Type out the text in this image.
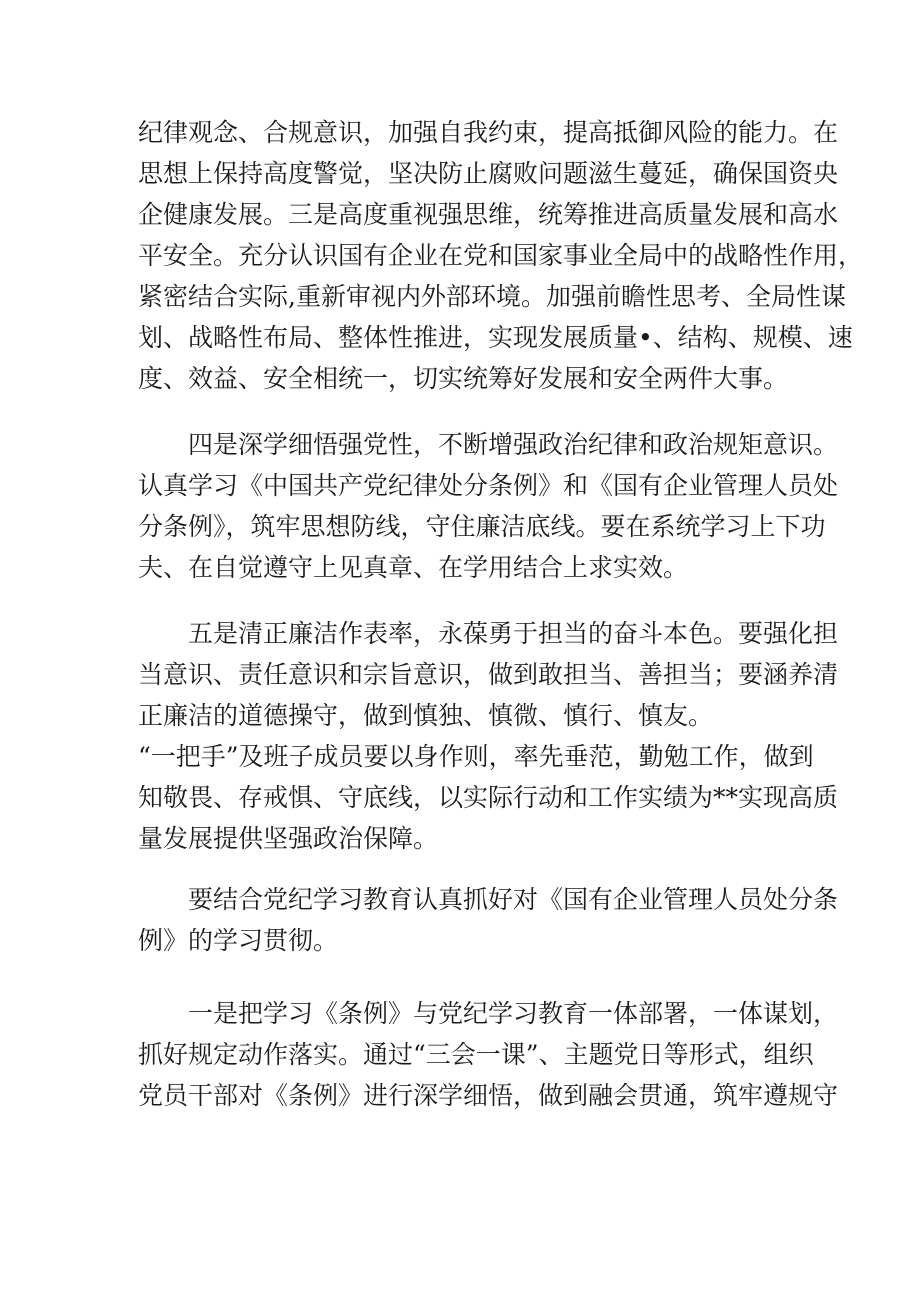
纪律观念、合规意识，加强自我约束，提高抵御风险的能力。在
思想上保持高度警觉，坚决防止腐败问题滋生蔓延，确保国资央
企健康发展。三是高度重视强思维，统筹推进高质量发展和高水
平安全。充分认识国有企业在党和国家事业全局中的战略性作用，
紧密结合实际,重新审视内外部环境。加强前瞻性思考、全局性谋
划、战略性布局、整体性推进，实现发展质量•、结构、规模、速
度、效益、安全相统一，切实统筹好发展和安全两件大事。
四是深学细悟强党性，不断增强政治纪律和政治规矩意识。
认真学习《中国共产党纪律处分条例》和《国有企业管理人员处
分条例》，筑牢思想防线，守住廉洁底线。要在系统学习上下功
夫、在自觉遵守上见真章、在学用结合上求实效。
五是清正廉洁作表率，永葆勇于担当的奋斗本色。要强化担
当意识、责任意识和宗旨意识，做到敢担当、善担当；要涵养清
正廉洁的道德操守，做到慎独、慎微、慎行、慎友。
“一把手”及班子成员要以身作则，率先垂范，勤勉工作，做到
知敬畏、存戒惧、守底线，以实际行动和工作实绩为**实现高质
量发展提供坚强政治保障。
要结合党纪学习教育认真抓好对《国有企业管理人员处分条
例》的学习贯彻。
一是把学习《条例》与党纪学习教育一体部署，一体谋划，
抓好规定动作落实。通过“三会一课”、主题党日等形式，组织
党员干部对《条例》进行深学细悟，做到融会贯通，筑牢遵规守
